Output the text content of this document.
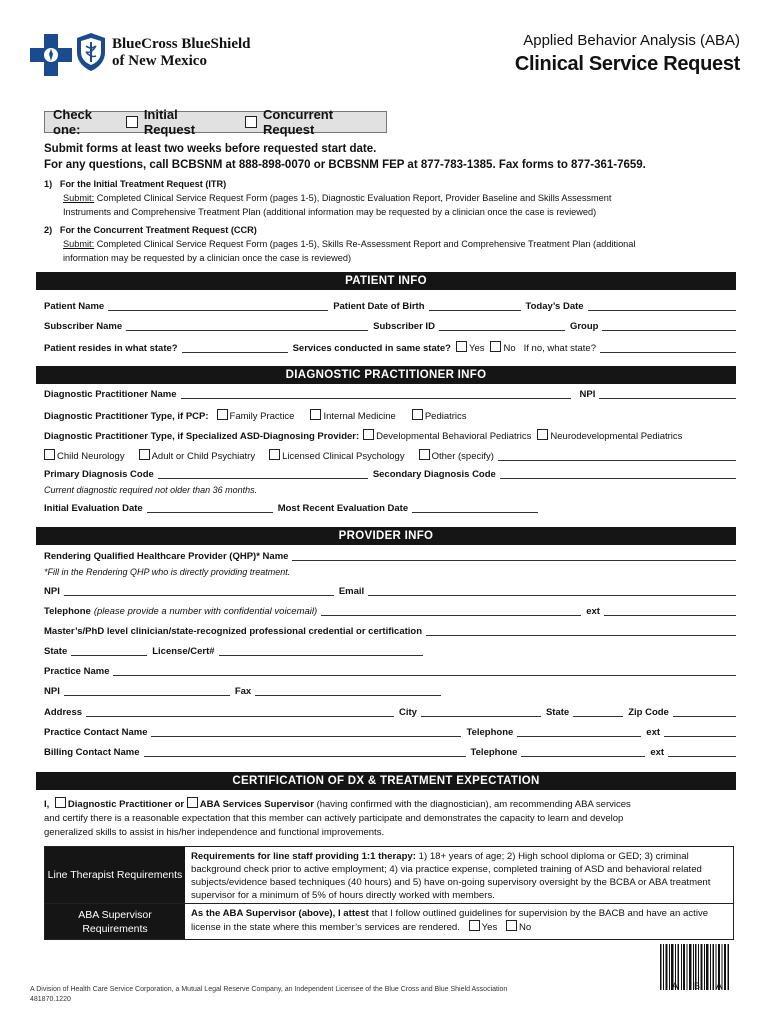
BlueCross BlueShield
of New Mexico
Applied Behavior Analysis (ABA)
Clinical Service Request
Check one:
Initial Request
Concurrent Request
Submit forms at least two weeks before requested start date.
For any questions, call BCBSNM at 888-898-0070 or BCBSNM FEP at 877-783-1385. Fax forms to 877-361-7659.
1)   For the Initial Treatment Request (ITR)
Submit: Completed Clinical Service Request Form (pages 1-5), Diagnostic Evaluation Report, Provider Baseline and Skills Assessment
Instruments and Comprehensive Treatment Plan (additional information may be requested by a clinician once the case is reviewed)
2)   For the Concurrent Treatment Request (CCR)
Submit: Completed Clinical Service Request Form (pages 1-5), Skills Re-Assessment Report and Comprehensive Treatment Plan (additional
information may be requested by a clinician once the case is reviewed)
PATIENT INFO
Patient Name	Patient Date of Birth	Today’s Date
Subscriber Name	Subscriber ID	Group
Patient resides in what state?	Services conducted in same state?	Yes	No If no, what state?
DIAGNOSTIC PRACTITIONER INFO
Diagnostic Practitioner Name	NPI
Diagnostic Practitioner Type, if PCP:	Family Practice	Internal Medicine	Pediatrics
Diagnostic Practitioner Type, if Specialized ASD-Diagnosing Provider:	Developmental Behavioral Pediatrics	Neurodevelopmental Pediatrics
Child Neurology	Adult or Child Psychiatry	Licensed Clinical Psychology	Other (specify)
Primary Diagnosis Code	Secondary Diagnosis Code
Current diagnostic required not older than 36 months.
Initial Evaluation Date	Most Recent Evaluation Date
PROVIDER INFO
Rendering Qualified Healthcare Provider (QHP)* Name
*Fill in the Rendering QHP who is directly providing treatment.
NPI	Email
Telephone (please provide a number with confidential voicemail)	ext
Master’s/PhD level clinician/state-recognized professional credential or certification
State	License/Cert#
Practice Name
NPI	Fax
Address	City	State	Zip Code
Practice Contact Name	Telephone	ext
Billing Contact Name	Telephone	ext
CERTIFICATION OF DX & TREATMENT EXPECTATION
I, Diagnostic Practitioner or ABA Services Supervisor (having confirmed with the diagnostician), am recommending ABA services
and certify there is a reasonable expectation that this member can actively participate and demonstrates the capacity to learn and develop
generalized skills to assist in his/her independence and functional improvements.
Line Therapist Requirements
Requirements for line staff providing 1:1 therapy: 1) 18+ years of age; 2) High school diploma or GED; 3) criminal background check prior to active employment; 4) via practice expense, completed training of ASD and behavioral related subjects/evidence based techniques (40 hours) and 5) have on-going supervisory oversight by the BCBA or ABA treatment supervisor for a minimum of 5% of hours directly worked with members.
ABA Supervisor Requirements
As the ABA Supervisor (above), I attest that I follow outlined guidelines for supervision by the BACB and have an active license in the state where this member’s services are rendered. Yes No
ABA
A Division of Health Care Service Corporation, a Mutual Legal Reserve Company, an Independent Licensee of the Blue Cross and Blue Shield Association
481870.1220
